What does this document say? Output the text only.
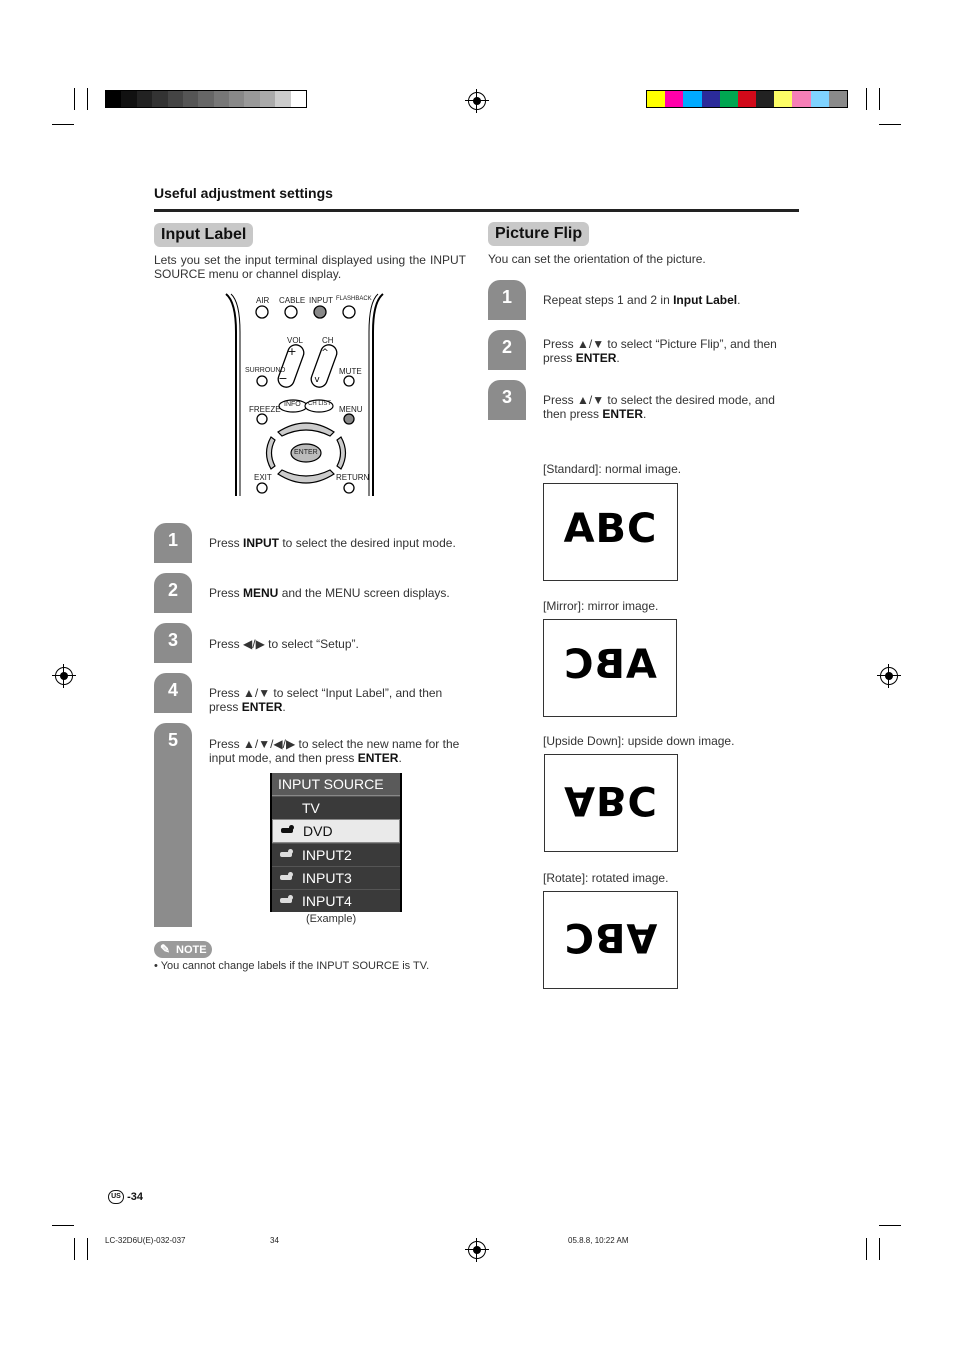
Useful adjustment settings
Input Label
Lets you set the input terminal displayed using the INPUT SOURCE menu or channel display.
+
−
^
v
AIR CABLE INPUT FLASHBACK
VOL CH
SURROUND	MUTE
FREEZE
INFO CH LIST
MENU
ENTER
EXIT	RETURN
1	Press INPUT to select the desired input mode.
2	Press MENU and the MENU screen displays.
3	Press ◀/▶ to select “Setup”.
4	Press ▲/▼ to select “Input Label”, and then press ENTER.
5	Press ▲/▼/◀/▶ to select the new name for the input mode, and then press ENTER.
INPUT SOURCE
TV
DVD
INPUT2
INPUT3
INPUT4
(Example)
✎ NOTE
• You cannot change labels if the INPUT SOURCE is TV.
Picture Flip
You can set the orientation of the picture.
1	Repeat steps 1 and 2 in Input Label.
2	Press ▲/▼ to select “Picture Flip”, and then press ENTER.
3	Press ▲/▼ to select the desired mode, and then press ENTER.
[Standard]: normal image.
ABC
[Mirror]: mirror image.
ABC
[Upside Down]: upside down image.
ABC
[Rotate]: rotated image.
ABC
US -34
LC-32D6U(E)-032-037	34	05.8.8, 10:22 AM
